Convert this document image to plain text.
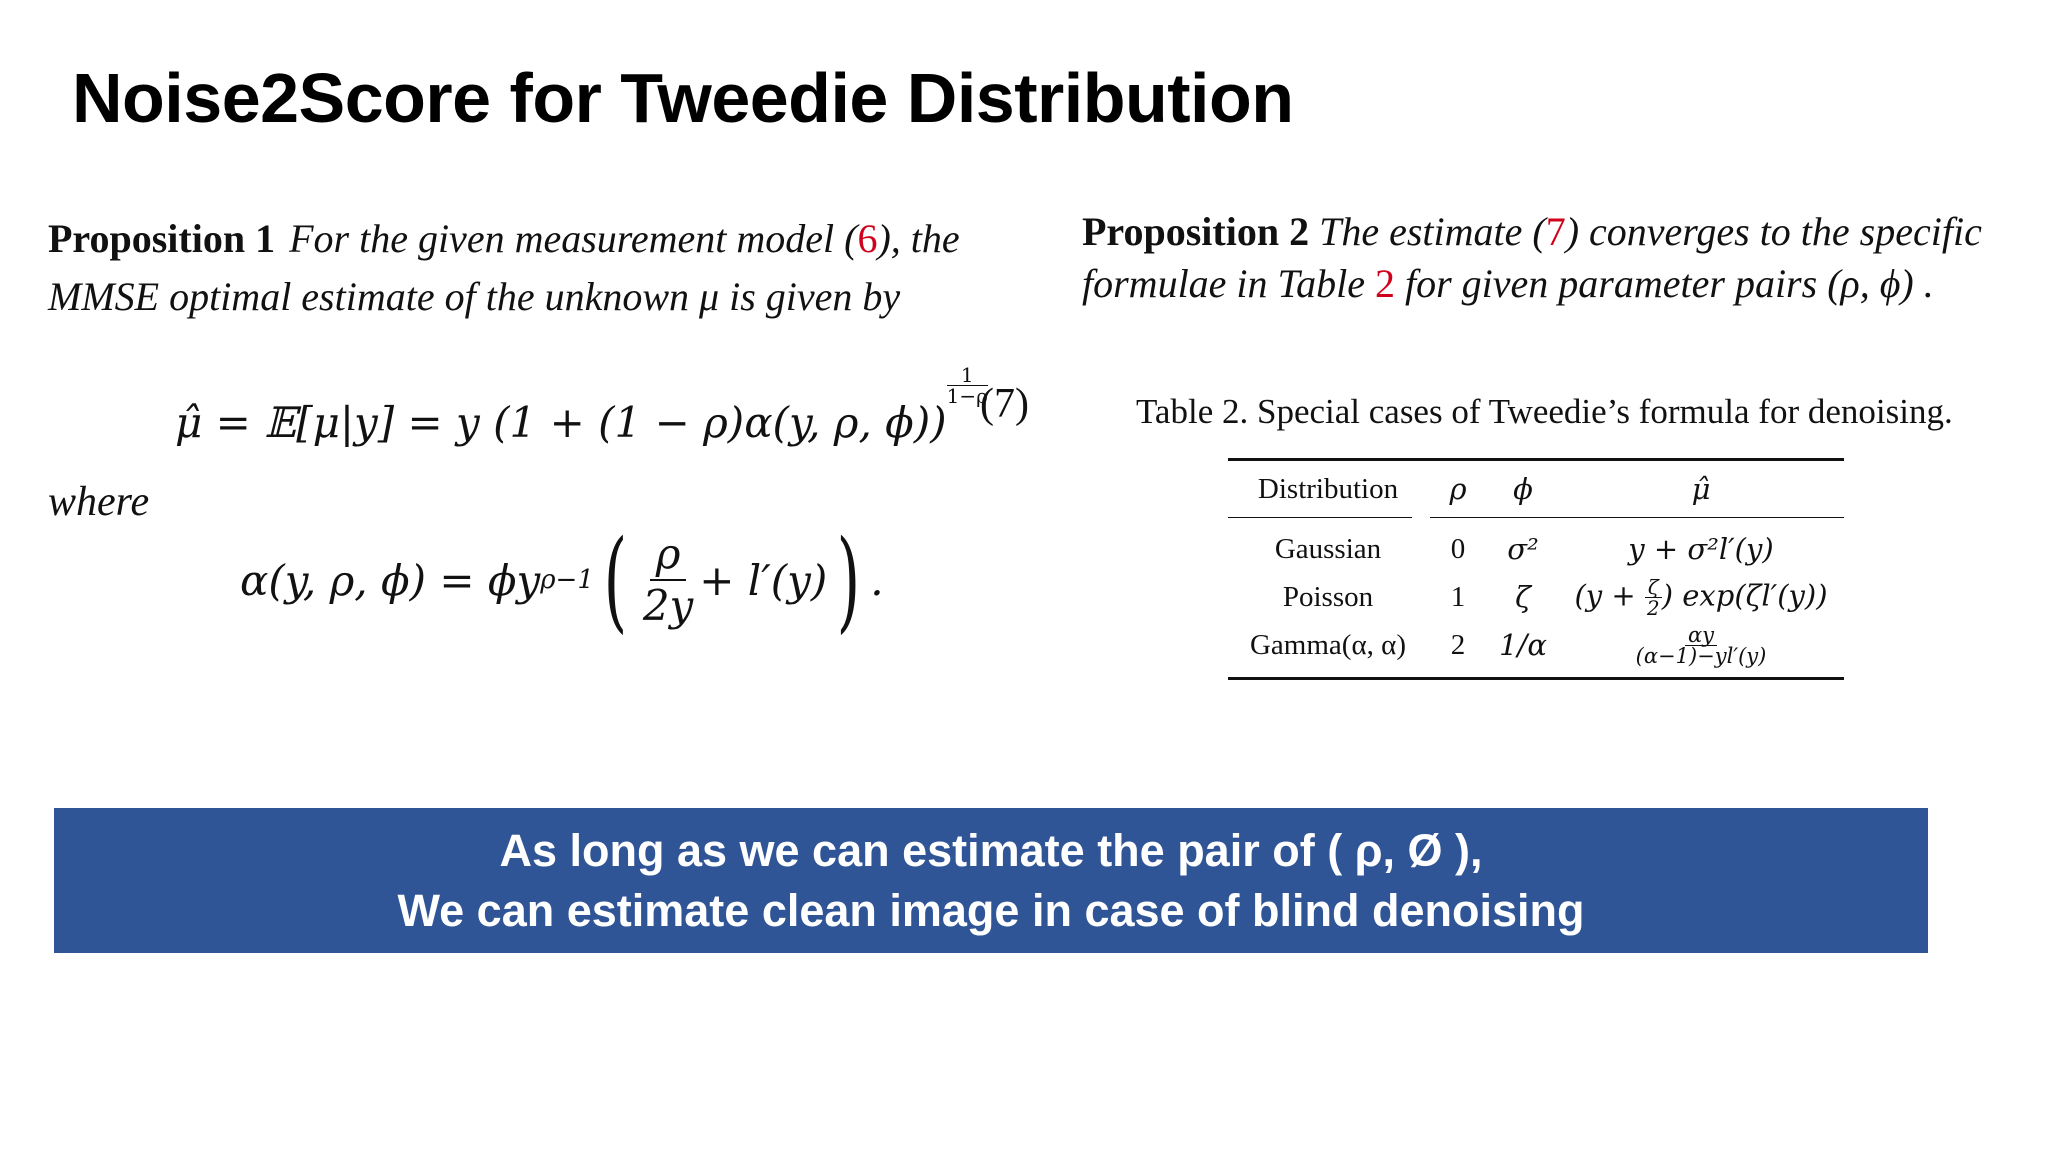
Noise2Score for Tweedie Distribution
Proposition 1 For the given measurement model (6), the MMSE optimal estimate of the unknown μ is given by
μ̂ = 𝔼[μ|y] = y (1 + (1 − ρ)α(y, ρ, ϕ))
$^{\frac{1}{1-\rho}}$
(7)
where
α(y, ρ, ϕ) = ϕy ρ−1 ( ρ
2y
+ l′(y) ) .
Proposition 2 The estimate (7) converges to the specific formulae in Table 2 for given parameter pairs (ρ, ϕ) .
Table 2. Special cases of Tweedie’s formula for denoising.
Distribution	ρ	ϕ	μ̂
Gaussian	0	σ²	y + σ²l′(y)
Poisson	1	ζ	($y + \frac{\zeta}{2}$ ) exp(ζl′(y))
Gamma(α, α)	2	1/α	$\frac{\alpha y}{(\alpha-1)-yl'(y)}$
As long as we can estimate the pair of ( ρ, Ø ),
We can estimate clean image in case of blind denoising
